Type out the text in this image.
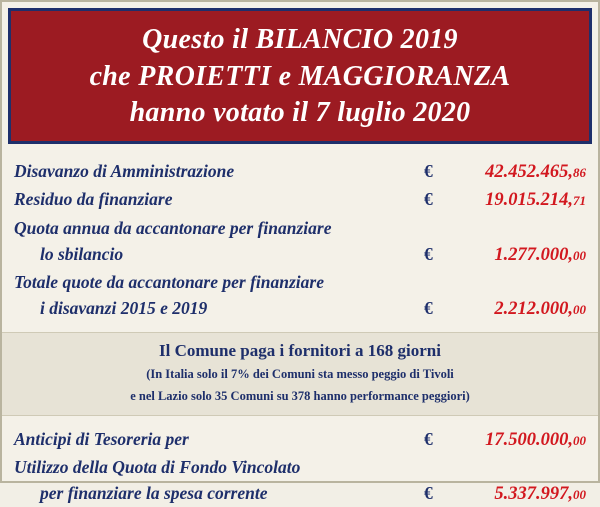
Questo il BILANCIO 2019
che PROIETTI e MAGGIORANZA
hanno votato il 7 luglio 2020
Disavanzo di Amministrazione	€	42.452.465,86
Residuo da finanziare	€	19.015.214,71
Quota annua da accantonare per finanziare
lo sbilancio	€	1.277.000,00
Totale quote da accantonare per finanziare
i disavanzi 2015 e 2019	€	2.212.000,00
Il Comune paga i fornitori a 168 giorni
(In Italia solo il 7% dei Comuni sta messo peggio di Tivoli
e nel Lazio solo 35 Comuni su 378 hanno performance peggiori)
Anticipi di Tesoreria per	€	17.500.000,00
Utilizzo della Quota di Fondo Vincolato
per finanziare la spesa corrente	€	5.337.997,00
